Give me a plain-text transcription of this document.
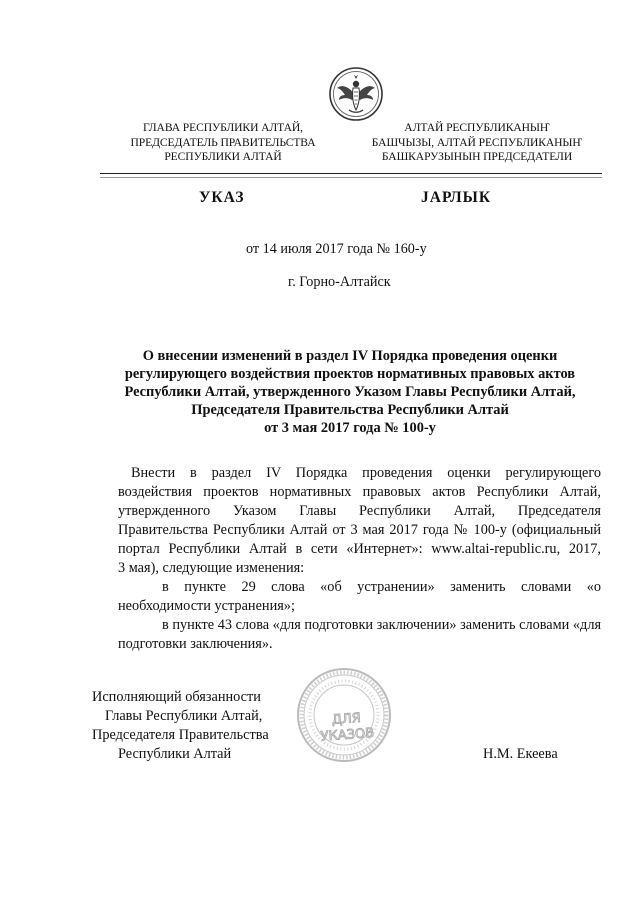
ГЛАВА РЕСПУБЛИКИ АЛТАЙ,
ПРЕДСЕДАТЕЛЬ ПРАВИТЕЛЬСТВА
РЕСПУБЛИКИ АЛТАЙ
АЛТАЙ РЕСПУБЛИКАНЫҤ
БАШЧЫЗЫ, АЛТАЙ РЕСПУБЛИКАНЫҤ
БАШКАРУЗЫНЫН ПРЕДСЕДАТЕЛИ
УКАЗ	ЈАРЛЫК
от 14 июля 2017 года № 160-у
г. Горно-Алтайск
О внесении изменений в раздел IV Порядка проведения оценки
регулирующего воздействия проектов нормативных правовых актов
Республики Алтай, утвержденного Указом Главы Республики Алтай,
Председателя Правительства Республики Алтай
от 3 мая 2017 года № 100-у
Внести в раздел IV Порядка проведения оценки регулирующего
воздействия проектов нормативных правовых актов Республики Алтай,
утвержденного Указом Главы Республики Алтай, Председателя
Правительства Республики Алтай от 3 мая 2017 года № 100-у (официальный
портал Республики Алтай в сети «Интернет»: www.altai-republic.ru, 2017,
3 мая), следующие изменения:
в пункте 29 слова «об устранении» заменить словами «о
необходимости устранения»;
в пункте 43 слова «для подготовки заключении» заменить словами «для
подготовки заключения».
Исполняющий обязанности
Главы Республики Алтай,
Председателя Правительства
Республики Алтай
ДЛЯ
УКАЗОВ
Н.М. Екеева
